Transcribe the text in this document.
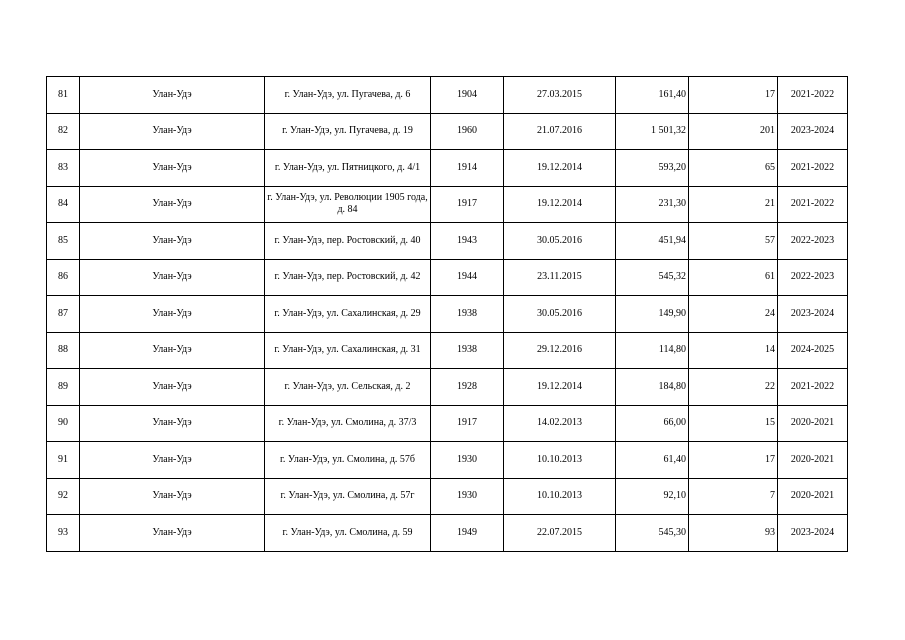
81	Улан-Удэ	г. Улан-Удэ, ул. Пугачева, д. 6	1904	27.03.2015	161,40	17	2021-2022
82	Улан-Удэ	г. Улан-Удэ, ул. Пугачева, д. 19	1960	21.07.2016	1 501,32	201	2023-2024
83	Улан-Удэ	г. Улан-Удэ, ул. Пятницкого, д. 4/1	1914	19.12.2014	593,20	65	2021-2022
84	Улан-Удэ	г. Улан-Удэ, ул. Революции 1905 года, д. 84	1917	19.12.2014	231,30	21	2021-2022
85	Улан-Удэ	г. Улан-Удэ, пер. Ростовский, д. 40	1943	30.05.2016	451,94	57	2022-2023
86	Улан-Удэ	г. Улан-Удэ, пер. Ростовский, д. 42	1944	23.11.2015	545,32	61	2022-2023
87	Улан-Удэ	г. Улан-Удэ, ул. Сахалинская, д. 29	1938	30.05.2016	149,90	24	2023-2024
88	Улан-Удэ	г. Улан-Удэ, ул. Сахалинская, д. 31	1938	29.12.2016	114,80	14	2024-2025
89	Улан-Удэ	г. Улан-Удэ, ул. Сельская, д. 2	1928	19.12.2014	184,80	22	2021-2022
90	Улан-Удэ	г. Улан-Удэ, ул. Смолина, д. 37/3	1917	14.02.2013	66,00	15	2020-2021
91	Улан-Удэ	г. Улан-Удэ, ул. Смолина, д. 57б	1930	10.10.2013	61,40	17	2020-2021
92	Улан-Удэ	г. Улан-Удэ, ул. Смолина, д. 57г	1930	10.10.2013	92,10	7	2020-2021
93	Улан-Удэ	г. Улан-Удэ, ул. Смолина, д. 59	1949	22.07.2015	545,30	93	2023-2024
